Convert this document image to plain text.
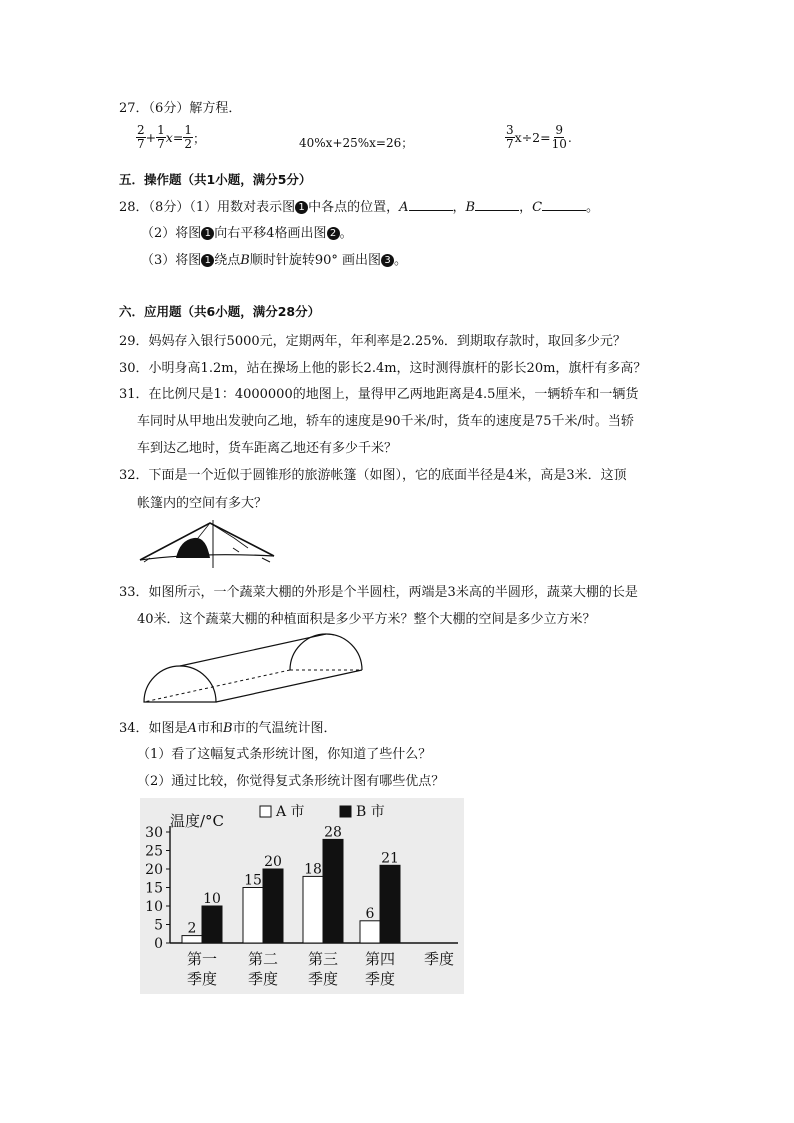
27．（6分）解方程．
$\frac{2}{7} + \frac{1}{7}$ $x = \frac{1}{2}$ ；	40%x+25%x=26；	$\frac{3}{7} x\div 2= \frac{9}{10}$ .
五．操作题（共1小题，满分5分）
28．（8分）（1）用数对表示图 1 中各点的位置，A	，B	，C	。
（2）将图 1 向右平移4格画出图 2 。
（3）将图 1 绕点B顺时针旋转90° 画出图 3 。
六．应用题（共6小题，满分28分）
29．妈妈存入银行5000元，定期两年，年利率是2.25%．到期取存款时，取回多少元？
30．小明身高1.2m，站在操场上他的影长2.4m，这时测得旗杆的影长20m，旗杆有多高？
31．在比例尺是1：4000000的地图上，量得甲乙两地距离是4.5厘米，一辆轿车和一辆货
车同时从甲地出发驶向乙地，轿车的速度是90千米/时，货车的速度是75千米/时。当轿
车到达乙地时，货车距离乙地还有多少千米？
32．下面是一个近似于圆锥形的旅游帐篷（如图），它的底面半径是4米，高是3米．这顶
帐篷内的空间有多大？
33．如图所示，一个蔬菜大棚的外形是个半圆柱，两端是3米高的半圆形，蔬菜大棚的长是
40米．这个蔬菜大棚的种植面积是多少平方米？整个大棚的空间是多少立方米？
34．如图是A市和B市的气温统计图．
（1）看了这幅复式条形统计图，你知道了些什么？
（2）通过比较，你觉得复式条形统计图有哪些优点？
温度/°C
0
5
10
15
20
25
30
A 市	B 市
2
10
第一
季度
15
20
第二
季度
18
28
第三
季度
6
21
第四
季度
季度
